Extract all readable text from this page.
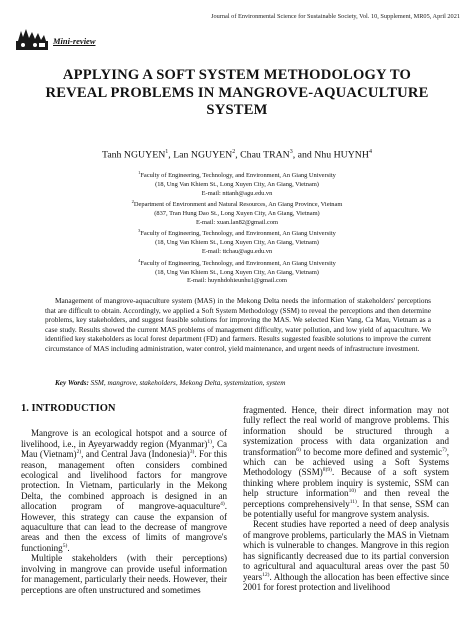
Journal of Environmental Science for Sustainable Society, Vol. 10, Supplement, MR05, April 2021
Mini-review
APPLYING A SOFT SYSTEM METHODOLOGY TO
REVEAL PROBLEMS IN MANGROVE-AQUACULTURE
SYSTEM
Tanh NGUYEN$^1$, Lan NGUYEN$^2$, Chau TRAN$^3$, and Nhu HUYNH$^4$
$^1$Faculty of Engineering, Technology, and Environment, An Giang University
(18, Ung Van Khiem St., Long Xuyen City, An Giang, Vietnam)
E-mail: nttanh@agu.edu.vn
$^2$Department of Environment and Natural Resources, An Giang Province, Vietnam
(837, Tran Hung Dao St., Long Xuyen City, An Giang, Vietnam)
E-mail: xuan.lan82@gmail.com
$^3$Faculty of Engineering, Technology, and Environment, An Giang University
(18, Ung Van Khiem St., Long Xuyen City, An Giang, Vietnam)
E-mail: ttchau@agu.edu.vn
$^4$Faculty of Engineering, Technology, and Environment, An Giang University
(18, Ung Van Khiem St., Long Xuyen City, An Giang, Vietnam)
E-mail: huynhdohieunhu1@gmail.com
Management of mangrove-aquaculture system (MAS) in the Mekong Delta needs the information of stakeholders' perceptions that are difficult to obtain. Accordingly, we applied a Soft System Methodology (SSM) to reveal the perceptions and then determine problems, key stakeholders, and suggest feasible solutions for improving the MAS. We selected Kien Vang, Ca Mau, Vietnam as a case study. Results showed the current MAS problems of management difficulty, water pollution, and low yield of aquaculture. We identified key stakeholders as local forest department (FD) and farmers. Results suggested feasible solutions to improve the current circumstance of MAS including administration, water control, yield maintenance, and urgent needs of infrastructure investment.
Key Words: SSM, mangrove, stakeholders, Mekong Delta, systemization, system
1. INTRODUCTION

Mangrove is an ecological hotspot and a source of livelihood, i.e., in Ayeyarwaddy region (Myanmar)$^{1)}$, Ca Mau (Vietnam)$^{2)}$, and Central Java (Indonesia)$^{3)}$. For this reason, management often considers combined ecological and livelihood factors for mangrove protection. In Vietnam, particularly in the Mekong Delta, the combined approach is designed in an allocation program of mangrove-aquaculture$^{4)}$. However, this strategy can cause the expansion of aquaculture that can lead to the decrease of mangrove areas and then the excess of limits of mangrove's functioning$^{5)}$.

Multiple stakeholders (with their perceptions) involving in mangrove can provide useful information for management, particularly their needs. However, their perceptions are often unstructured and sometimes

fragmented. Hence, their direct information may not fully reflect the real world of mangrove problems. This information should be structured through a systemization process with data organization and transformation$^{6)}$ to become more defined and systemic$^{7)}$, which can be achieved using a Soft Systems Methodology (SSM)$^{8)9)}$. Because of a soft system thinking where problem inquiry is systemic, SSM can help structure information$^{10)}$ and then reveal the perceptions comprehensively$^{11)}$. In that sense, SSM can be potentially useful for mangrove system analysis.

Recent studies have reported a need of deep analysis of mangrove problems, particularly the MAS in Vietnam which is vulnerable to changes. Mangrove in this region has significantly decreased due to its partial conversion to agricultural and aquacultural areas over the past 50 years$^{12)}$. Although the allocation has been effective since 2001 for forest protection and livelihood
